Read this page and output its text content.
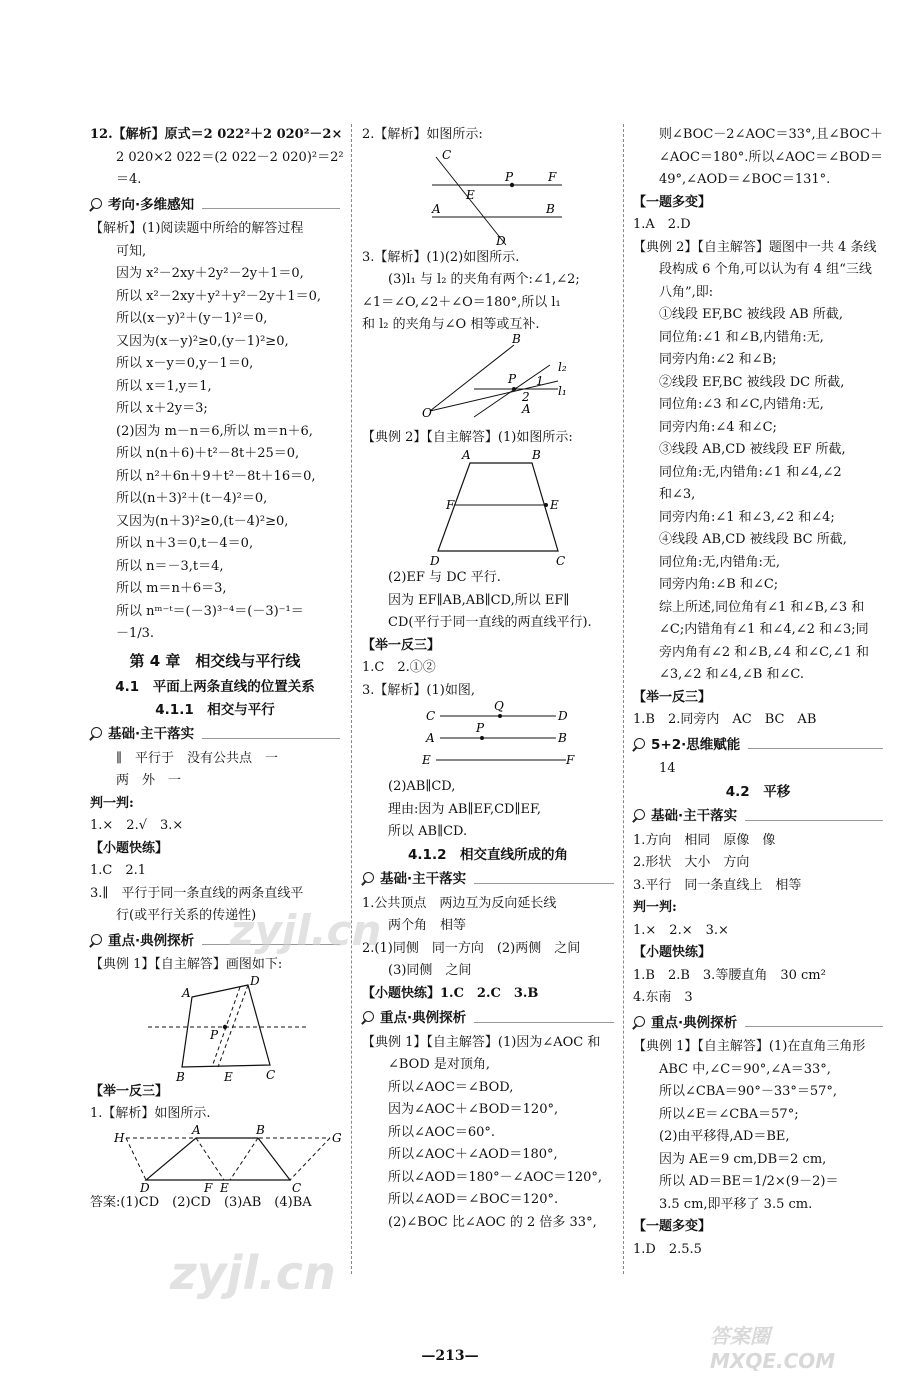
12.【解析】原式＝2 022²＋2 020²－2×
2 020×2 022＝(2 022－2 020)²＝2²
＝4.
考向·多维感知
【解析】(1)阅读题中所给的解答过程
可知,
因为 x²－2xy＋2y²－2y＋1＝0,
所以 x²－2xy＋y²＋y²－2y＋1＝0,
所以(x－y)²＋(y－1)²＝0,
又因为(x－y)²≥0,(y－1)²≥0,
所以 x－y＝0,y－1＝0,
所以 x＝1,y＝1,
所以 x＋2y＝3;
(2)因为 m－n＝6,所以 m＝n＋6,
所以 n(n＋6)＋t²－8t＋25＝0,
所以 n²＋6n＋9＋t²－8t＋16＝0,
所以(n＋3)²＋(t－4)²＝0,
又因为(n＋3)²≥0,(t－4)²≥0,
所以 n＋3＝0,t－4＝0,
所以 n＝－3,t＝4,
所以 m＝n＋6＝3,
所以 nᵐ⁻ᵗ＝(－3)³⁻⁴＝(－3)⁻¹＝
－1/3.
第 4 章　相交线与平行线
4.1　平面上两条直线的位置关系
4.1.1　相交与平行
基础·主干落实
∥　平行于　没有公共点　一
两　外　一
判一判:
1.×　2.√　3.×
【小题快练】
1.C　2.1
3.∥　平行于同一条直线的两条直线平
行(或平行关系的传递性)
重点·典例探析
【典例 1】【自主解答】画图如下:
A
D
P
B	E	C
【举一反三】
1.【解析】如图所示.
H
A	B
G
D	F E	C
答案:(1)CD　(2)CD　(3)AB　(4)BA
2.【解析】如图所示:
C
P	F
E
A	B
D
3.【解析】(1)(2)如图所示.
(3)l₁ 与 l₂ 的夹角有两个:∠1,∠2;
∠1＝∠O,∠2＋∠O＝180°,所以 l₁
和 l₂ 的夹角与∠O 相等或互补.
B
l₂
l₁
P 1
2
A
O
【典例 2】【自主解答】(1)如图所示:
A	B
F	E
D	C
(2)EF 与 DC 平行.
因为 EF∥AB,AB∥CD,所以 EF∥
CD(平行于同一直线的两直线平行).
【举一反三】
1.C　2.①②
3.【解析】(1)如图,
C
Q
D
A
P
B
E	F
(2)AB∥CD,
理由:因为 AB∥EF,CD∥EF,
所以 AB∥CD.
4.1.2　相交直线所成的角
基础·主干落实
1.公共顶点　两边互为反向延长线
两个角　相等
2.(1)同侧　同一方向　(2)两侧　之间
(3)同侧　之间
【小题快练】1.C　2.C　3.B
重点·典例探析
【典例 1】【自主解答】(1)因为∠AOC 和
∠BOD 是对顶角,
所以∠AOC＝∠BOD,
因为∠AOC＋∠BOD＝120°,
所以∠AOC＝60°.
所以∠AOC＋∠AOD＝180°,
所以∠AOD＝180°－∠AOC＝120°,
所以∠AOD＝∠BOC＝120°.
(2)∠BOC 比∠AOC 的 2 倍多 33°,
则∠BOC－2∠AOC＝33°,且∠BOC＋
∠AOC＝180°.所以∠AOC＝∠BOD＝
49°,∠AOD＝∠BOC＝131°.
【一题多变】
1.A　2.D
【典例 2】【自主解答】题图中一共 4 条线
段构成 6 个角,可以认为有 4 组“三线
八角”,即:
①线段 EF,BC 被线段 AB 所截,
同位角:∠1 和∠B,内错角:无,
同旁内角:∠2 和∠B;
②线段 EF,BC 被线段 DC 所截,
同位角:∠3 和∠C,内错角:无,
同旁内角:∠4 和∠C;
③线段 AB,CD 被线段 EF 所截,
同位角:无,内错角:∠1 和∠4,∠2
和∠3,
同旁内角:∠1 和∠3,∠2 和∠4;
④线段 AB,CD 被线段 BC 所截,
同位角:无,内错角:无,
同旁内角:∠B 和∠C;
综上所述,同位角有∠1 和∠B,∠3 和
∠C;内错角有∠1 和∠4,∠2 和∠3;同
旁内角有∠2 和∠B,∠4 和∠C,∠1 和
∠3,∠2 和∠4,∠B 和∠C.
【举一反三】
1.B　2.同旁内　AC　BC　AB
5+2·思维赋能
14
4.2　平移
基础·主干落实
1.方向　相同　原像　像
2.形状　大小　方向
3.平行　同一条直线上　相等
判一判:
1.×　2.×　3.×
【小题快练】
1.B　2.B　3.等腰直角　30 cm²
4.东南　3
重点·典例探析
【典例 1】【自主解答】(1)在直角三角形
ABC 中,∠C＝90°,∠A＝33°,
所以∠CBA＝90°－33°＝57°,
所以∠E＝∠CBA＝57°;
(2)由平移得,AD＝BE,
因为 AE＝9 cm,DB＝2 cm,
所以 AD＝BE＝1/2×(9－2)＝
3.5 cm,即平移了 3.5 cm.
【一题多变】
1.D　2.5.5
—213—
zyjl.cn
zyjl.cn
答案圈 MXQE.COM
